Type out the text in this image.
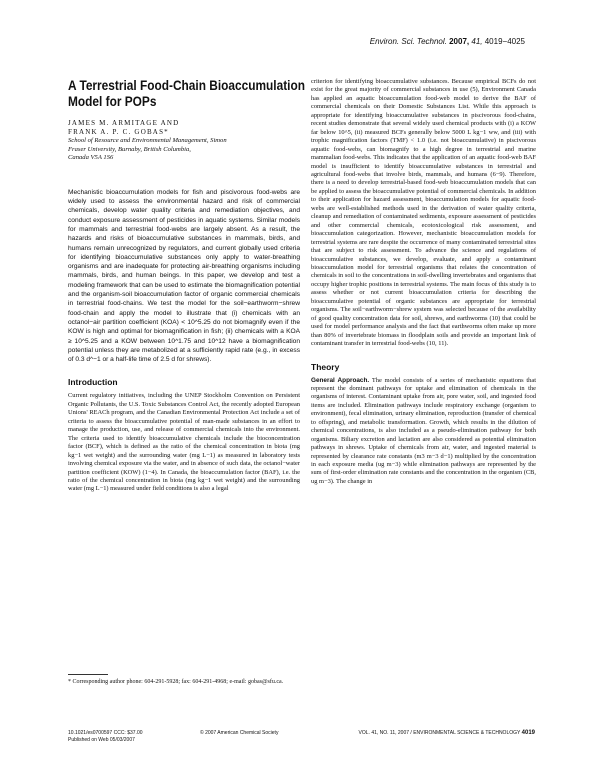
Environ. Sci. Technol. 2007, 41, 4019−4025
A Terrestrial Food-Chain Bioaccumulation Model for POPs
JAMES M. ARMITAGE AND
FRANK A. P. C. GOBAS*
School of Resource and Environmental Management, Simon
Fraser University, Burnaby, British Columbia,
Canada V5A 1S6

Mechanistic bioaccumulation models for fish and piscivorous food-webs are widely used to assess the environmental hazard and risk of commercial chemicals, develop water quality criteria and remediation objectives, and conduct exposure assessment of pesticides in aquatic systems. Similar models for mammals and terrestrial food-webs are largely absent. As a result, the hazards and risks of bioaccumulative substances in mammals, birds, and humans remain unrecognized by regulators, and current globally used criteria for identifying bioaccumulative substances only apply to water-breathing organisms and are inadequate for protecting air-breathing organisms including mammals, birds, and human beings. In this paper, we develop and test a modeling framework that can be used to estimate the biomagnification potential and the organism-soil bioaccumulation factor of organic commercial chemicals in terrestrial food-chains. We test the model for the soil−earthworm−shrew food-chain and apply the model to illustrate that (i) chemicals with an octanol−air partition coefficient (KOA) < 10^5.25 do not biomagnify even if the KOW is high and optimal for biomagnification in fish; (ii) chemicals with a KOA ≥ 10^5.25 and a KOW between 10^1.75 and 10^12 have a biomagnification potential unless they are metabolized at a sufficiently rapid rate (e.g., in excess of 0.3 d^−1 or a half-life time of 2.5 d for shrews).

Introduction

Current regulatory initiatives, including the UNEP Stockholm Convention on Persistent Organic Pollutants, the U.S. Toxic Substances Control Act, the recently adopted European Unions' REACh program, and the Canadian Environmental Protection Act include a set of criteria to assess the bioaccumulative potential of man-made substances in an effort to manage the production, use, and release of commercial chemicals into the environment. The criteria used to identify bioaccumulative chemicals include the bioconcentration factor (BCF), which is defined as the ratio of the chemical concentration in biota (mg kg−1 wet weight) and the surrounding water (mg L−1) as measured in laboratory tests involving chemical exposure via the water, and in absence of such data, the octanol−water partition coefficient (KOW) (1−4). In Canada, the bioaccumulation factor (BAF), i.e. the ratio of the chemical concentration in biota (mg kg−1 wet weight) and the surrounding water (mg L−1) measured under field conditions is also a legal

criterion for identifying bioaccumulative substances. Because empirical BCFs do not exist for the great majority of commercial substances in use (5), Environment Canada has applied an aquatic bioaccumulation food-web model to derive the BAF of commercial chemicals on their Domestic Substances List. While this approach is appropriate for identifying bioaccumulative substances in piscivorous food-chains, recent studies demonstrate that several widely used chemical products with (i) a KOW far below 10^5, (ii) measured BCFs generally below 5000 L kg−1 ww, and (iii) with trophic magnification factors (TMF) < 1.0 (i.e. not bioaccumulative) in piscivorous aquatic food-webs, can biomagnify to a high degree in terrestrial and marine mammalian food-webs. This indicates that the application of an aquatic food-web BAF model is insufficient to identify bioaccumulative substances in terrestrial and agricultural food-webs that involve birds, mammals, and humans (6−9). Therefore, there is a need to develop terrestrial-based food-web bioaccumulation models that can be applied to assess the bioaccumulative potential of commercial chemicals. In addition to their application for hazard assessment, bioaccumulation models for aquatic food-webs are well-established methods used in the derivation of water quality criteria, cleanup and remediation of contaminated sediments, exposure assessment of pesticides and other commercial chemicals, ecotoxicological risk assessment, and bioaccumulation categorization. However, mechanistic bioaccumulation models for terrestrial systems are rare despite the occurrence of many contaminated terrestrial sites that are subject to risk assessment. To advance the science and regulations of bioaccumulative substances, we develop, evaluate, and apply a contaminant bioaccumulation model for terrestrial organisms that relates the concentration of chemicals in soil to the concentrations in soil-dwelling invertebrates and organisms that occupy higher trophic positions in terrestrial systems. The main focus of this study is to assess whether or not current bioaccumulation criteria for describing the bioaccumulative potential of organic substances are appropriate for terrestrial organisms. The soil−earthworm−shrew system was selected because of the availability of good quality concentration data for soil, shrews, and earthworms (10) that could be used for model performance analysis and the fact that earthworms often make up more than 80% of invertebrate biomass in floodplain soils and provide an important link of contaminant transfer in terrestrial food-webs (10, 11).

Theory

General Approach. The model consists of a series of mechanistic equations that represent the dominant pathways for uptake and elimination of chemicals in the organisms of interest. Contaminant uptake from air, pore water, soil, and ingested food items are included. Elimination pathways include respiratory exchange (organism to environment), fecal elimination, urinary elimination, reproduction (transfer of chemical to offspring), and metabolic transformation. Growth, which results in the dilution of chemical concentrations, is also included as a pseudo-elimination pathway for both organisms. Biliary excretion and lactation are also considered as potential elimination pathways in shrews. Uptake of chemicals from air, water, and ingested material is represented by clearance rate constants (m3 m−3 d−1) multiplied by the concentration in each exposure media (ug m−3) while elimination pathways are represented by the sum of first-order elimination rate constants and the concentration in the organism (CB, ug m−3). The change in

* Corresponding author phone: 604-291-5928; fax: 604-291-4968; e-mail: gobas@sfu.ca.
10.1021/es0700597 CCC: $37.00
Published on Web 05/03/2007
© 2007 American Chemical Society	VOL. 41, NO. 11, 2007 / ENVIRONMENTAL SCIENCE & TECHNOLOGY 4019
